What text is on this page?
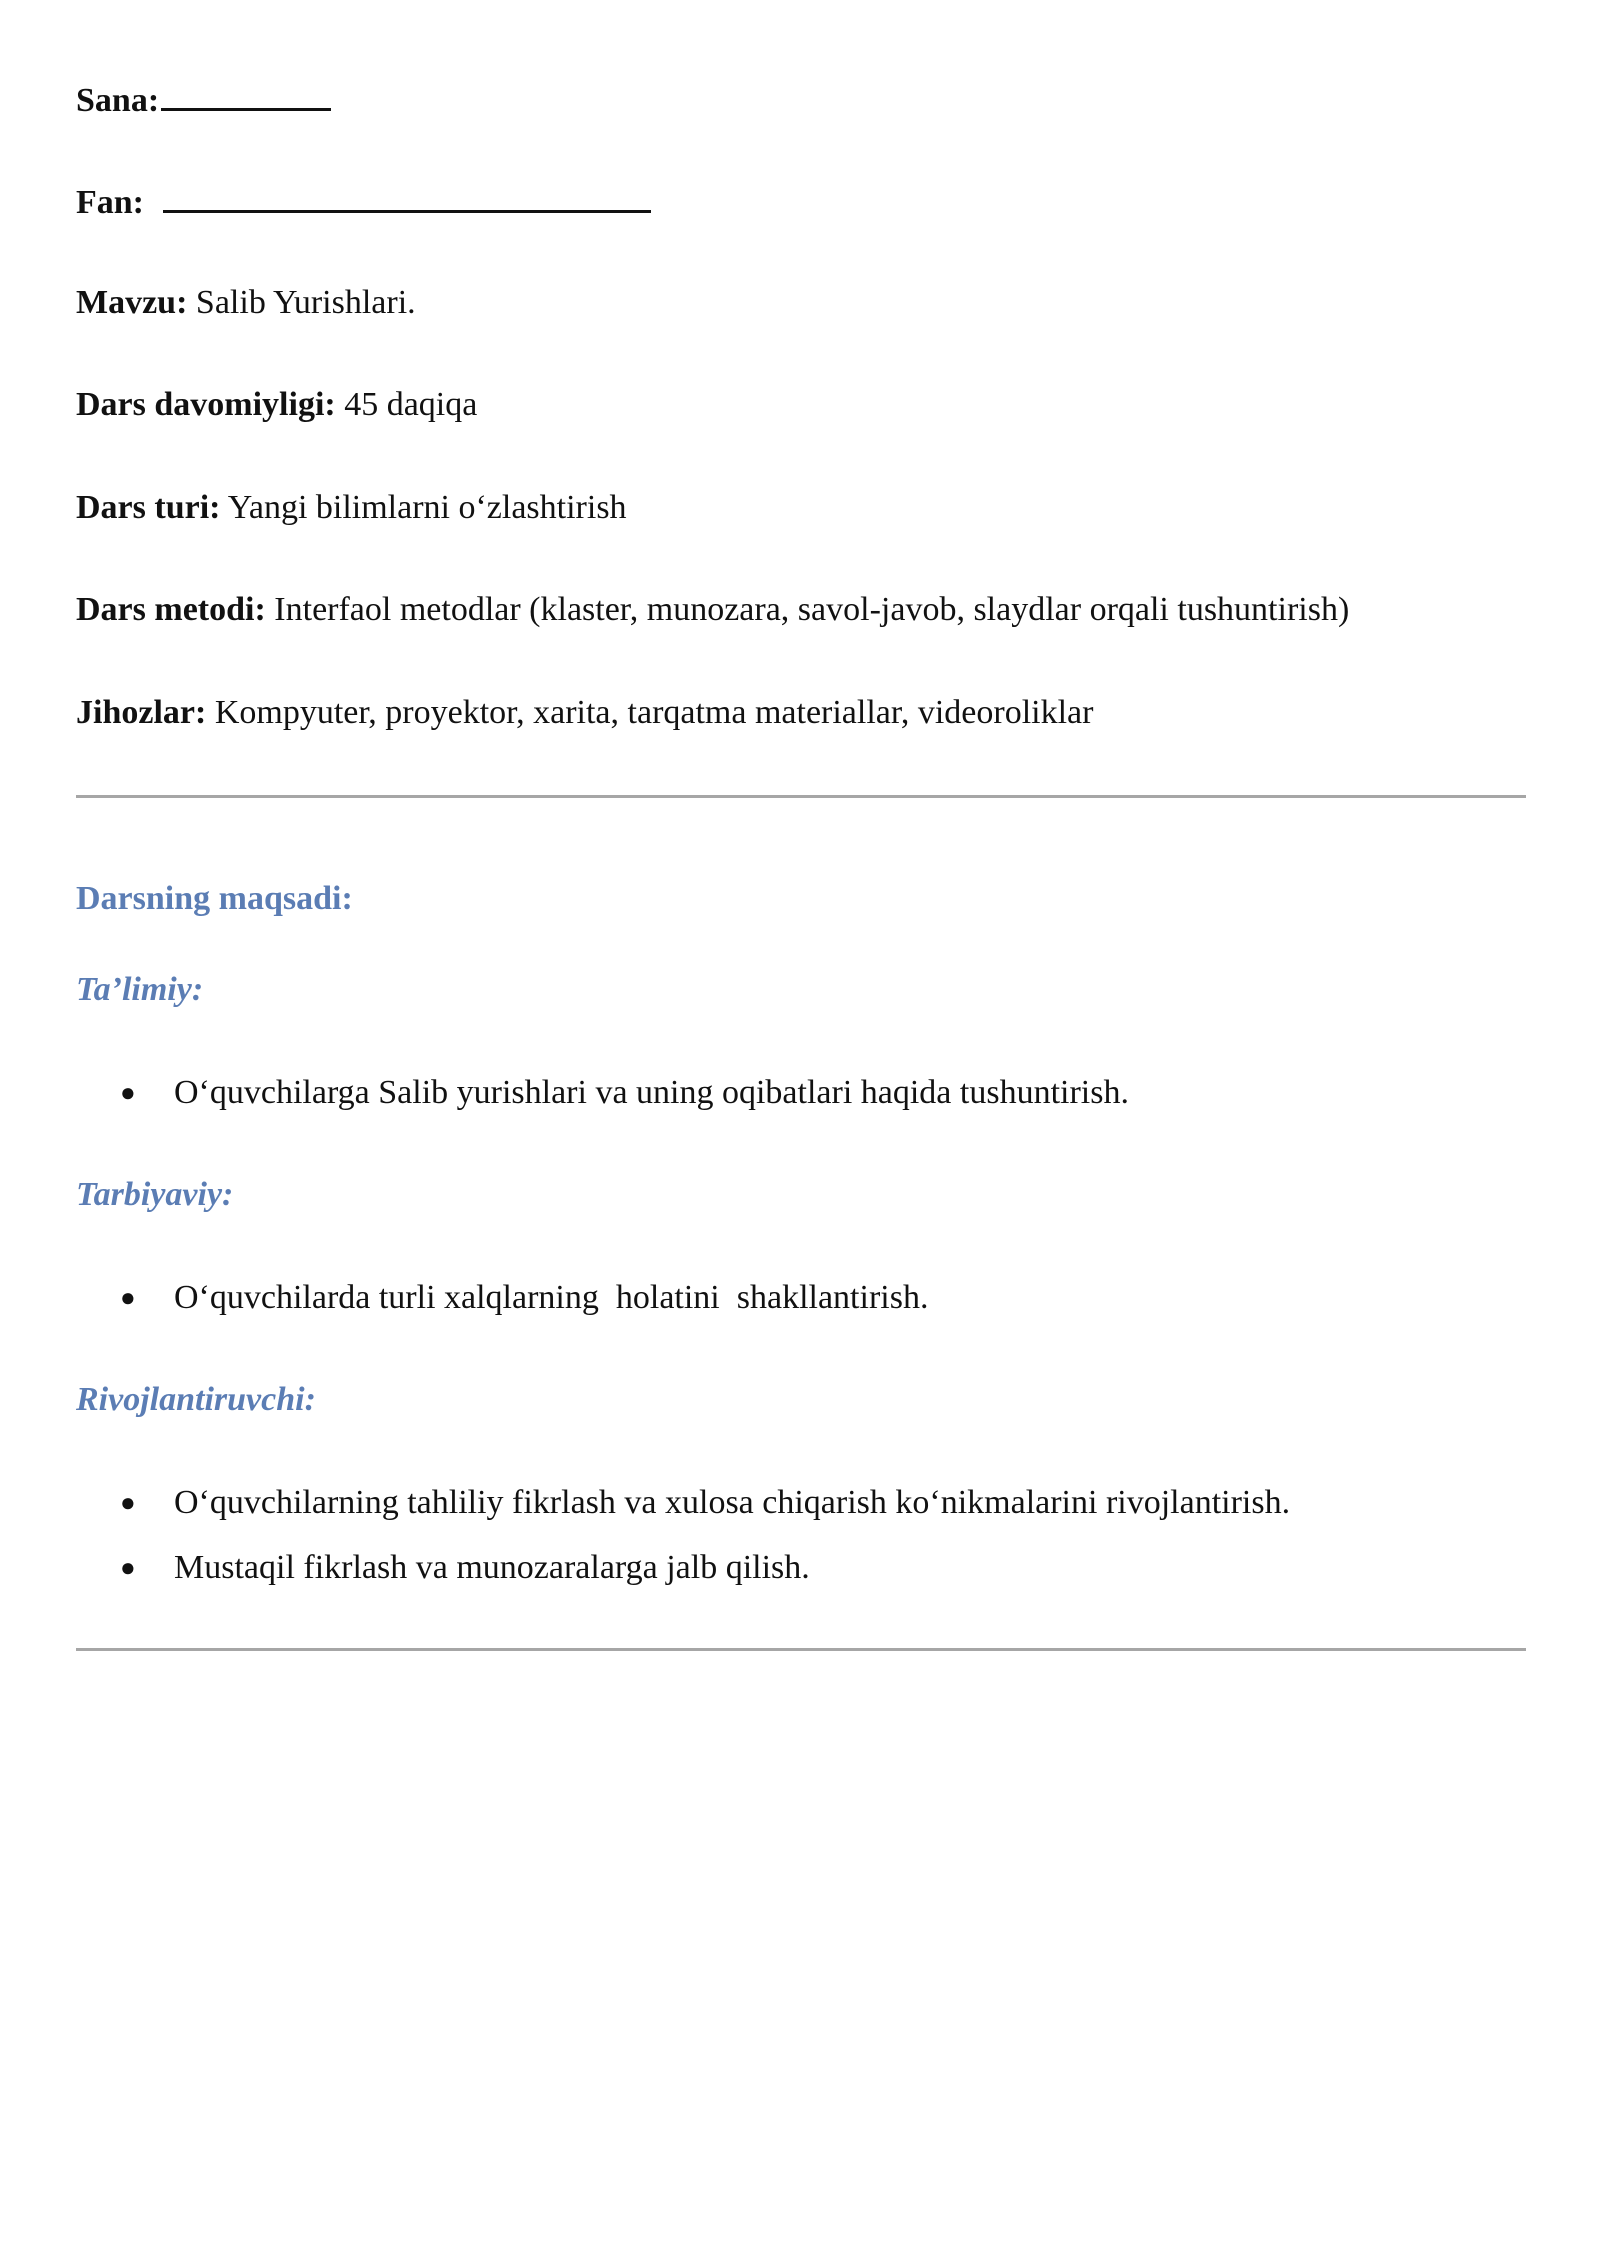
Sana:
Fan:
Mavzu: Salib Yurishlari.
Dars davomiyligi: 45 daqiqa
Dars turi: Yangi bilimlarni o‘zlashtirish
Dars metodi: Interfaol metodlar (klaster, munozara, savol-javob, slaydlar orqali tushuntirish)
Jihozlar: Kompyuter, proyektor, xarita, tarqatma materiallar, videoroliklar
Darsning maqsadi:
Ta’limiy:
● O‘quvchilarga Salib yurishlari va uning oqibatlari haqida tushuntirish.
Tarbiyaviy:
● O‘quvchilarda turli xalqlarning  holatini  shakllantirish.
Rivojlantiruvchi:
● O‘quvchilarning tahliliy fikrlash va xulosa chiqarish ko‘nikmalarini rivojlantirish.
● Mustaqil fikrlash va munozaralarga jalb qilish.
